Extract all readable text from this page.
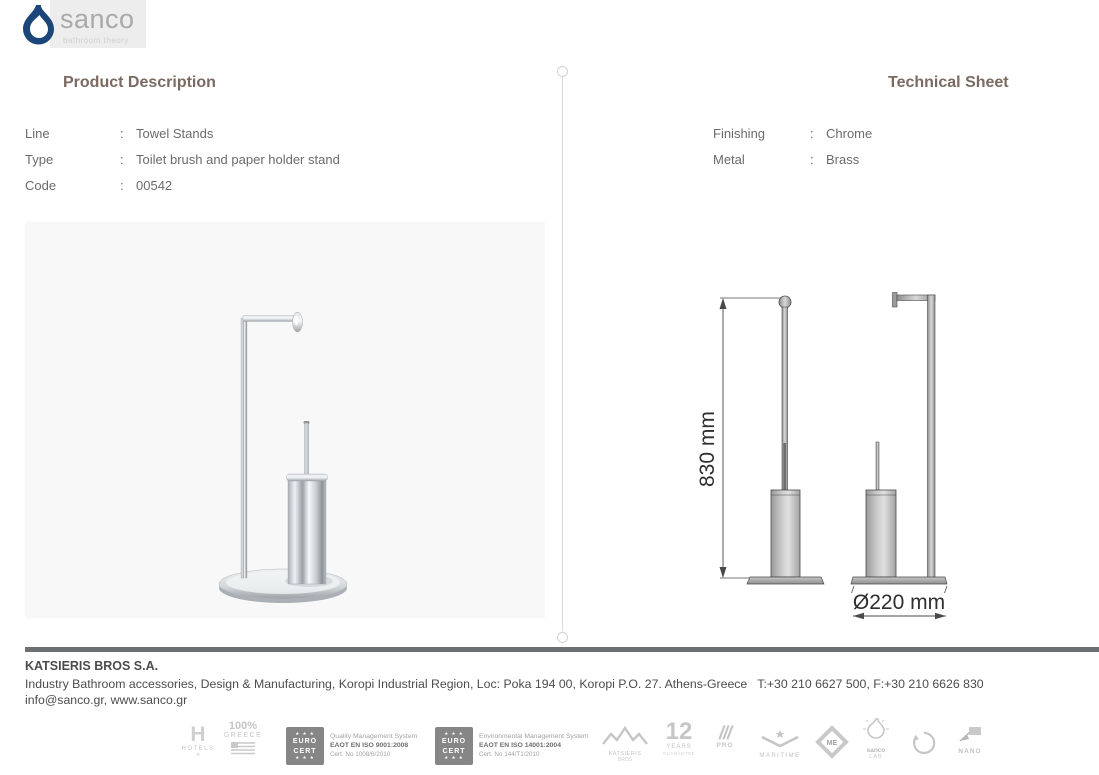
sanco
bathroom theory
Product Description
Line	: Towel Stands
Type	: Toilet brush and paper holder stand
Code	: 00542
Technical Sheet
Finishing	: Chrome
Metal	: Brass
830 mm
Ø220 mm
KATSIERIS BROS S.A.
Industry Bathroom accessories, Design & Manufacturing, Koropi Industrial Region, Loc: Poka 194 00, Koropi P.O. 27. Athens-Greece   T:+30 210 6627 500, F:+30 210 6626 830
info@sanco.gr, www.sanco.gr
H
HOTELS
✳
100%
GREECE	★ ★ ★
EURO
CERT
★ ★ ★
Quality Management System
EAOT EN ISO 9001:2008
Cert. No 1008/6/2010
★ ★ ★
EURO
CERT
★ ★ ★
Environmental Management System
EAOT EN ISO 14001:2004
Cert. No 144/T1/2010	KATSIERIS
BROS
12
YEARS
GUARANTEE
///
PRO
MARITIME
ME
sanco
LAB
NANO
